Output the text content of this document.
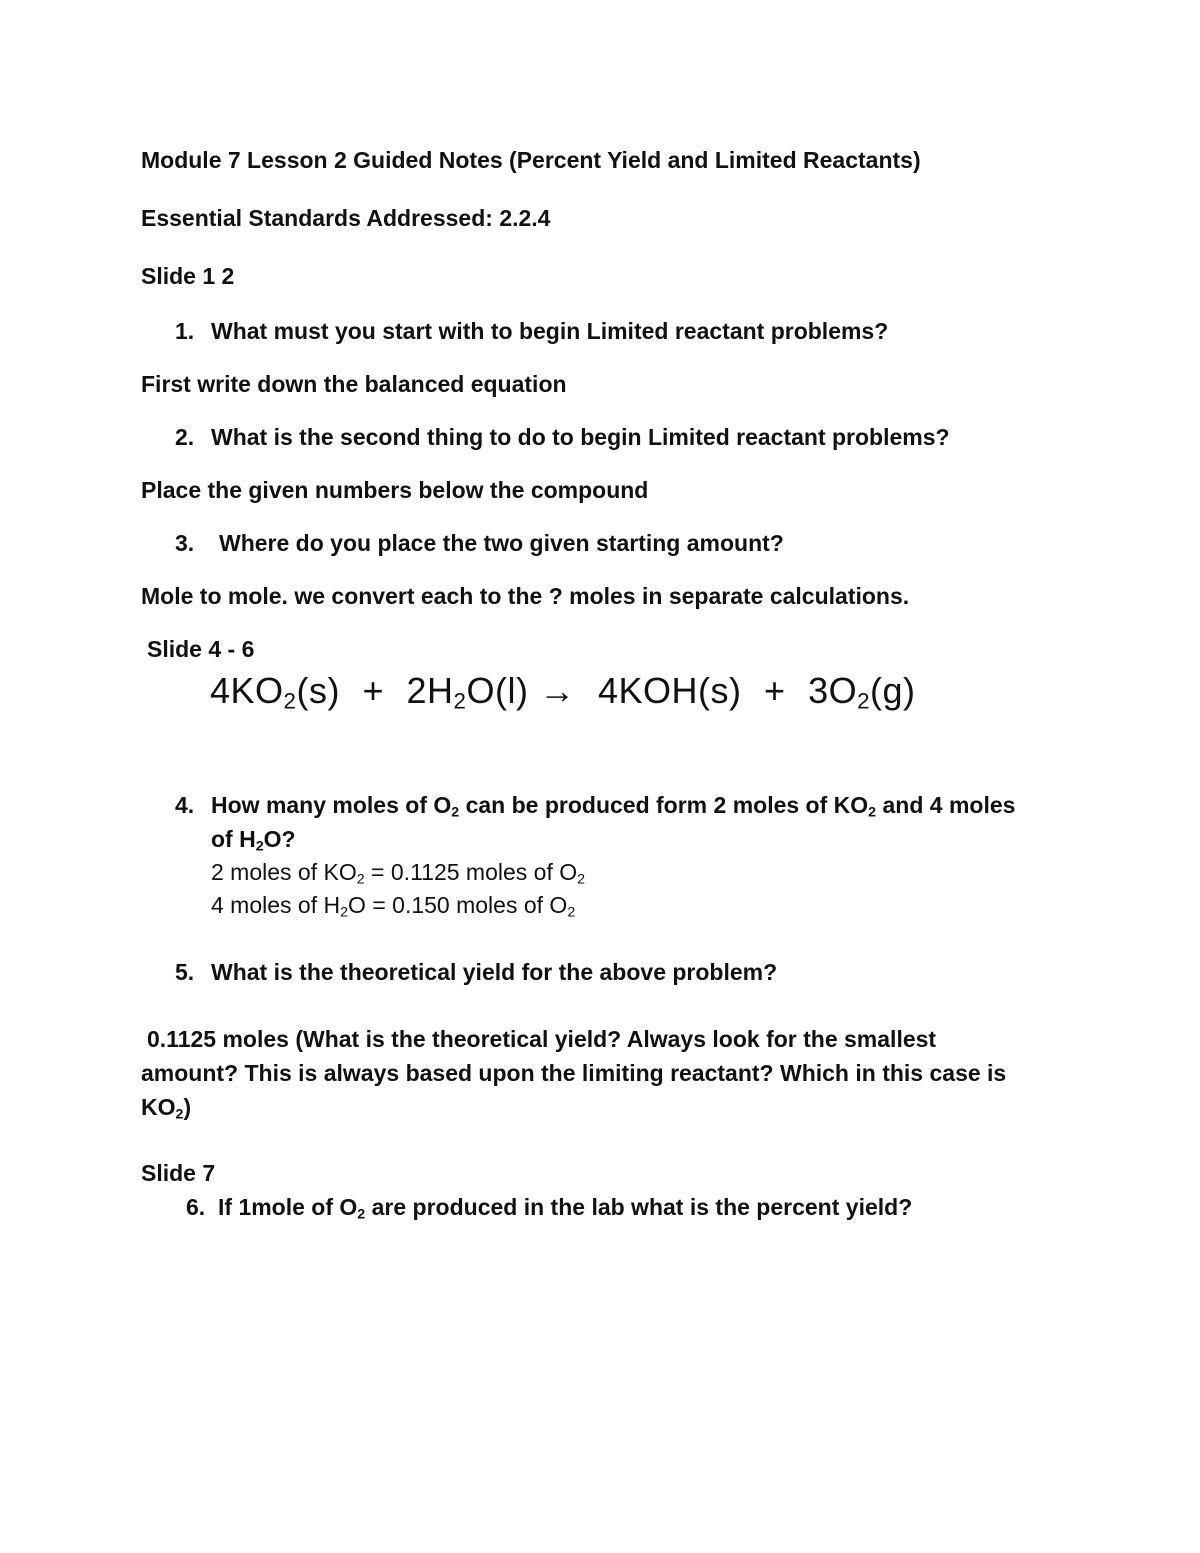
Module 7 Lesson 2 Guided Notes (Percent Yield and Limited Reactants)
Essential Standards Addressed: 2.2.4
Slide 1 2
1. What must you start with to begin Limited reactant problems?
First write down the balanced equation
2. What is the second thing to do to begin Limited reactant problems?
Place the given numbers below the compound
3. Where do you place the two given starting amount?
Mole to mole. we convert each to the ? moles in separate calculations.
Slide 4 - 6
$4KO_2(s) + 2H_2O(l) \to 4KOH(s) + 3O_2(g)$
4. How many moles of $O_2$ can be produced form 2 moles of $KO_2$ and 4 moles
of $H_2O$?
2 moles of $KO_2 = 0.1125$ moles of $O_2$
4 moles of $H_2O = 0.150$ moles of $O_2$
5. What is the theoretical yield for the above problem?
0.1125 moles (What is the theoretical yield? Always look for the smallest
amount? This is always based upon the limiting reactant? Which in this case is
$KO_2$)
Slide 7
6. If 1mole of $O_2$ are produced in the lab what is the percent yield?
